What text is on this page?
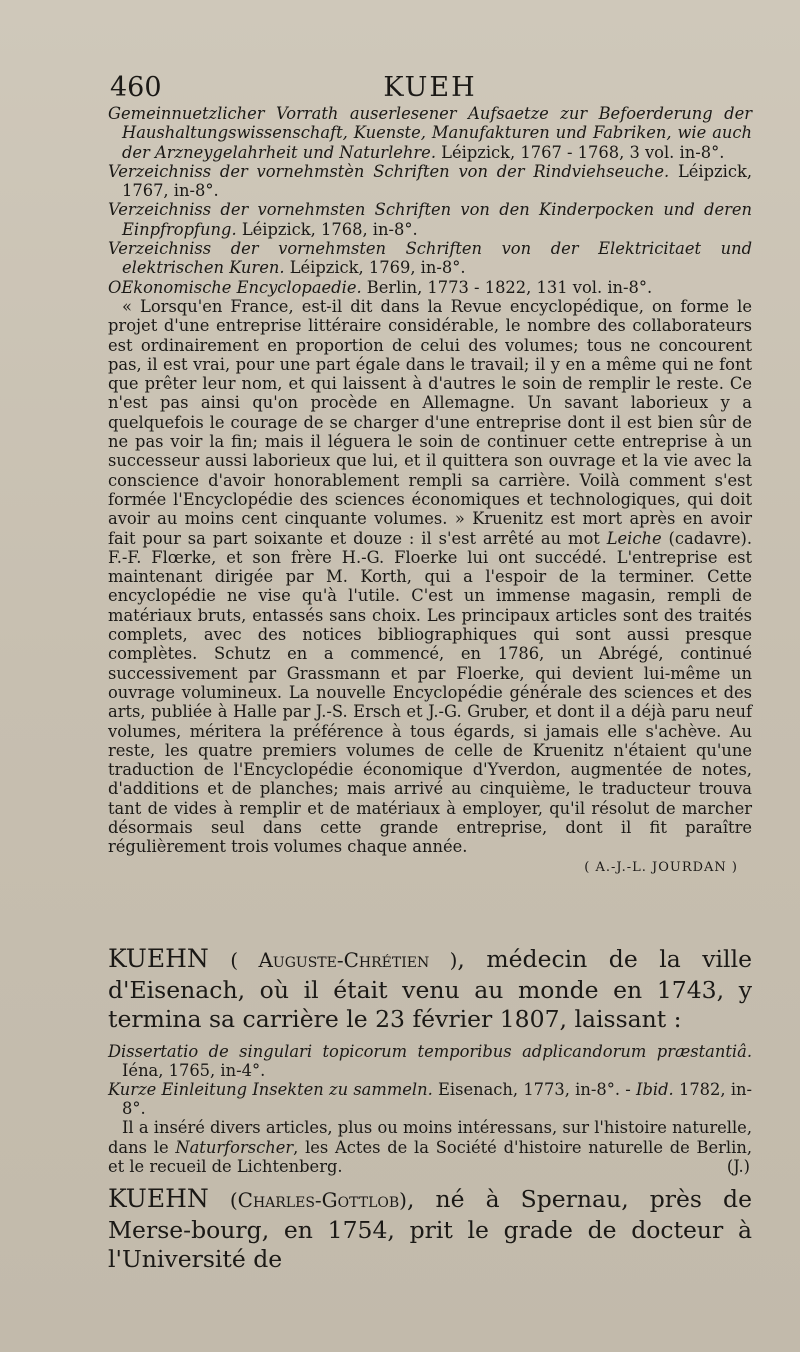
460	KUEH

Gemeinnuetzlicher Vorrath auserlesener Aufsaetze zur Befoerderung der Haushaltungswissenschaft, Kuenste, Manufakturen und Fabriken, wie auch der Arzneygelahrheit und Naturlehre. Léipzick, 1767 - 1768, 3 vol. in-8°.

Verzeichniss der vornehmstèn Schriften von der Rindviehseuche. Léipzick, 1767, in-8°.

Verzeichniss der vornehmsten Schriften von den Kinderpocken und deren Einpfropfung. Léipzick, 1768, in-8°.

Verzeichniss der vornehmsten Schriften von der Elektricitaet und elektrischen Kuren. Léipzick, 1769, in-8°.

OEkonomische Encyclopaedie. Berlin, 1773 - 1822, 131 vol. in-8°.

« Lorsqu'en France, est-il dit dans la Revue encyclopédique, on forme le projet d'une entreprise littéraire considérable, le nombre des collaborateurs est ordinairement en proportion de celui des volumes; tous ne concourent pas, il est vrai, pour une part égale dans le travail; il y en a même qui ne font que prêter leur nom, et qui laissent à d'autres le soin de remplir le reste. Ce n'est pas ainsi qu'on procède en Allemagne. Un savant laborieux y a quelquefois le courage de se charger d'une entreprise dont il est bien sûr de ne pas voir la fin; mais il léguera le soin de continuer cette entreprise à un successeur aussi laborieux que lui, et il quittera son ouvrage et la vie avec la conscience d'avoir honorablement rempli sa carrière. Voilà comment s'est formée l'Encyclopédie des sciences économiques et technologiques, qui doit avoir au moins cent cinquante volumes. » Kruenitz est mort après en avoir fait pour sa part soixante et douze : il s'est arrêté au mot Leiche (cadavre). F.-F. Flœrke, et son frère H.-G. Floerke lui ont succédé. L'entreprise est maintenant dirigée par M. Korth, qui a l'espoir de la terminer. Cette encyclopédie ne vise qu'à l'utile. C'est un immense magasin, rempli de matériaux bruts, entassés sans choix. Les principaux articles sont des traités complets, avec des notices bibliographiques qui sont aussi presque complètes. Schutz en a commencé, en 1786, un Abrégé, continué successivement par Grassmann et par Floerke, qui devient lui-même un ouvrage volumineux. La nouvelle Encyclopédie générale des sciences et des arts, publiée à Halle par J.-S. Ersch et J.-G. Gruber, et dont il a déjà paru neuf volumes, méritera la préférence à tous égards, si jamais elle s'achève. Au reste, les quatre premiers volumes de celle de Kruenitz n'étaient qu'une traduction de l'Encyclopédie économique d'Yverdon, augmentée de notes, d'additions et de planches; mais arrivé au cinquième, le traducteur trouva tant de vides à remplir et de matériaux à employer, qu'il résolut de marcher désormais seul dans cette grande entreprise, dont il fit paraître régulièrement trois volumes chaque année.

( A.-J.-L. JOURDAN )

KUEHN ( Auguste-Chrétien ), médecin de la ville d'Eisenach, où il était venu au monde en 1743, y termina sa carrière le 23 février 1807, laissant :

Dissertatio de singulari topicorum temporibus adplicandorum præstantiâ. Iéna, 1765, in-4°.

Kurze Einleitung Insekten zu sammeln. Eisenach, 1773, in-8°. - Ibid. 1782, in-8°.

Il a inséré divers articles, plus ou moins intéressans, sur l'histoire naturelle, dans le Naturforscher, les Actes de la Société d'histoire naturelle de Berlin, et le recueil de Lichtenberg.	(J.)

KUEHN (Charles-Gottlob), né à Spernau, près de Merse-bourg, en 1754, prit le grade de docteur à l'Université de
